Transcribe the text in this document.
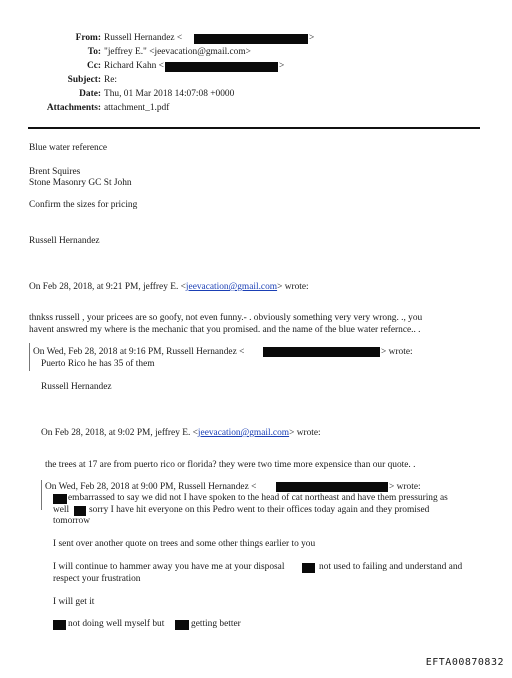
From: Russell Hernandez <	>
To: "jeffrey E." <jeevacation@gmail.com>
Cc: Richard Kahn <	>
Subject: Re:
Date: Thu, 01 Mar 2018 14:07:08 +0000
Attachments: attachment_1.pdf
Blue water reference
Brent Squires
Stone Masonry GC St John
Confirm the sizes for pricing
Russell Hernandez
On Feb 28, 2018, at 9:21 PM, jeffrey E. <jeevacation@gmail.com> wrote:
thnkss russell , your pricees are so goofy, not even funny.- . obviously something very very wrong. ., you
havent answred my where is the mechanic that you promised. and the name of the blue water refernce.. .
On Wed, Feb 28, 2018 at 9:16 PM, Russell Hernandez <	> wrote:
Puerto Rico he has 35 of them
Russell Hernandez
On Feb 28, 2018, at 9:02 PM, jeffrey E. <jeevacation@gmail.com> wrote:
the trees at 17 are from puerto rico or florida? they were two time more expensice than our quote. .
On Wed, Feb 28, 2018 at 9:00 PM, Russell Hernandez <	> wrote:
embarrassed to say we did not I have spoken to the head of cat northeast and have them pressuring as
well sorry I have hit everyone on this Pedro went to their offices today again and they promised
tomorrow
I sent over another quote on trees and some other things earlier to you
I will continue to hammer away you have me at your disposal	not used to failing and understand and
respect your frustration
I will get it
not doing well myself but	getting better
EFTA00870832
